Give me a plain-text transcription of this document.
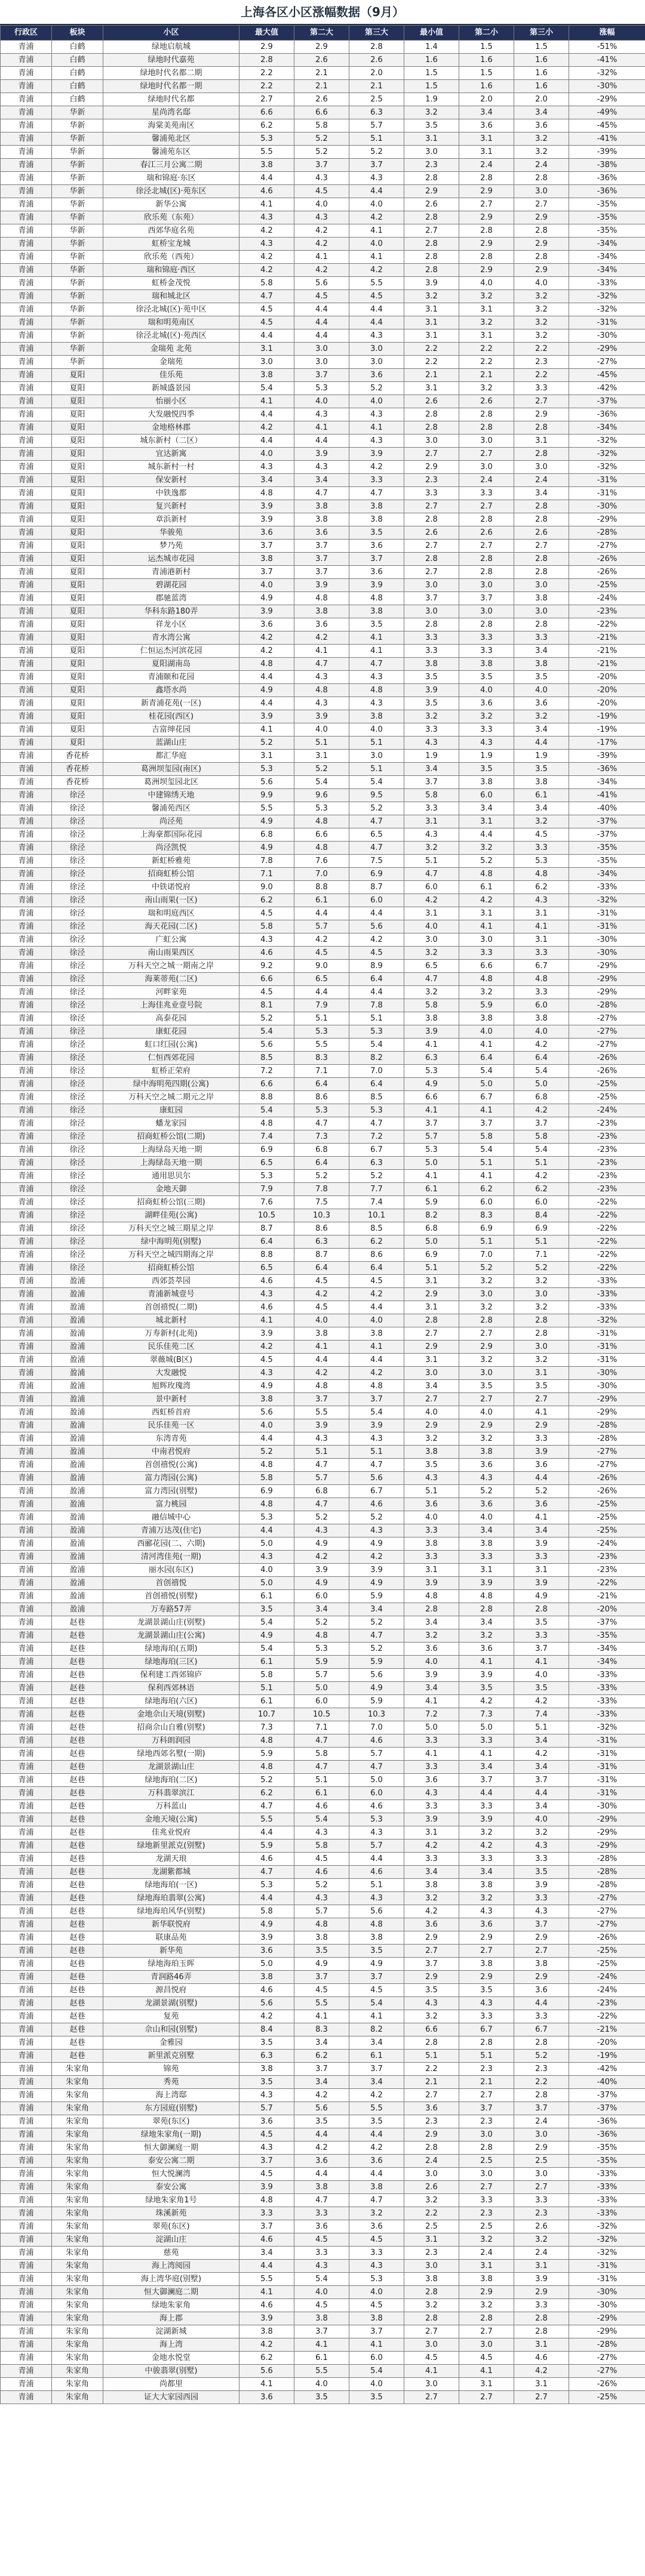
上海各区小区涨幅数据（9月）
行政区	板块	小区	最大值	第二大	第三大	最小值	第二小	第三小	涨幅
青浦	白鹤	绿地启航城	2.9	2.9	2.8	1.4	1.5	1.5	-51%
青浦	白鹤	绿地时代嘉苑	2.8	2.6	2.6	1.6	1.6	1.6	-41%
青浦	白鹤	绿地时代名都二期	2.2	2.1	2.0	1.5	1.5	1.6	-32%
青浦	白鹤	绿地时代名都一期	2.2	2.1	2.1	1.5	1.6	1.6	-30%
青浦	白鹤	绿地时代名都	2.7	2.6	2.5	1.9	2.0	2.0	-29%
青浦	华新	星尚湾名邸	6.6	6.6	6.3	3.2	3.4	3.4	-49%
青浦	华新	海棠美苑南区	6.2	5.8	5.7	3.5	3.6	3.6	-45%
青浦	华新	馨浦苑北区	5.3	5.2	5.1	3.1	3.1	3.2	-41%
青浦	华新	馨浦苑东区	5.5	5.2	5.2	3.0	3.1	3.2	-39%
青浦	华新	春江三月公寓二期	3.8	3.7	3.7	2.3	2.4	2.4	-38%
青浦	华新	瑞和锦庭·东区	4.4	4.3	4.3	2.8	2.8	2.8	-36%
青浦	华新	徐泾北城(区)·苑东区	4.6	4.5	4.4	2.9	2.9	3.0	-36%
青浦	华新	新华公寓	4.1	4.0	4.0	2.6	2.7	2.7	-35%
青浦	华新	欣乐苑（东苑）	4.3	4.3	4.2	2.8	2.9	2.9	-35%
青浦	华新	西郊华庭名苑	4.2	4.2	4.1	2.7	2.8	2.8	-35%
青浦	华新	虹桥宝龙城	4.3	4.2	4.0	2.8	2.9	2.9	-34%
青浦	华新	欣乐苑（西苑）	4.2	4.1	4.1	2.8	2.8	2.8	-34%
青浦	华新	瑞和锦庭·西区	4.2	4.2	4.2	2.8	2.9	2.9	-34%
青浦	华新	虹桥金茂悦	5.8	5.6	5.5	3.9	4.0	4.0	-33%
青浦	华新	瑞和城北区	4.7	4.5	4.5	3.2	3.2	3.2	-32%
青浦	华新	徐泾北城(区)·苑中区	4.5	4.4	4.4	3.1	3.1	3.2	-32%
青浦	华新	瑞和明苑南区	4.5	4.4	4.4	3.1	3.2	3.2	-31%
青浦	华新	徐泾北城(区)·苑西区	4.4	4.4	4.3	3.1	3.1	3.2	-30%
青浦	华新	金瑞苑 北苑	3.1	3.0	3.0	2.2	2.2	2.2	-29%
青浦	华新	金瑞苑	3.0	3.0	3.0	2.2	2.2	2.3	-27%
青浦	夏阳	佳乐苑	3.8	3.7	3.6	2.1	2.1	2.2	-45%
青浦	夏阳	新城盛景园	5.4	5.3	5.2	3.1	3.2	3.3	-42%
青浦	夏阳	怡丽小区	4.1	4.0	4.0	2.6	2.6	2.7	-37%
青浦	夏阳	大发融悦四季	4.4	4.3	4.3	2.8	2.8	2.9	-36%
青浦	夏阳	金地格林郡	4.2	4.1	4.1	2.8	2.8	2.8	-34%
青浦	夏阳	城东新村（二区）	4.4	4.4	4.3	3.0	3.0	3.1	-32%
青浦	夏阳	宜达新寓	4.0	3.9	3.9	2.7	2.7	2.8	-32%
青浦	夏阳	城东新村一村	4.3	4.3	4.2	2.9	3.0	3.0	-32%
青浦	夏阳	保安新村	3.4	3.4	3.3	2.3	2.4	2.4	-31%
青浦	夏阳	中铁逸都	4.8	4.7	4.7	3.3	3.3	3.4	-31%
青浦	夏阳	复兴新村	3.9	3.8	3.8	2.7	2.7	2.8	-30%
青浦	夏阳	章浜新村	3.9	3.8	3.8	2.8	2.8	2.8	-29%
青浦	夏阳	华骏苑	3.6	3.6	3.5	2.6	2.6	2.6	-28%
青浦	夏阳	梦乃苑	3.7	3.7	3.6	2.7	2.7	2.7	-27%
青浦	夏阳	运杰城市花园	3.8	3.7	3.7	2.8	2.8	2.8	-26%
青浦	夏阳	青浦港新村	3.7	3.7	3.6	2.7	2.8	2.8	-26%
青浦	夏阳	碧湖花园	4.0	3.9	3.9	3.0	3.0	3.0	-25%
青浦	夏阳	郡驰蓝湾	4.9	4.8	4.8	3.7	3.7	3.8	-24%
青浦	夏阳	华科东路180弄	3.9	3.8	3.8	3.0	3.0	3.0	-23%
青浦	夏阳	祥龙小区	3.6	3.6	3.5	2.8	2.8	2.8	-22%
青浦	夏阳	青水湾公寓	4.2	4.2	4.1	3.3	3.3	3.3	-21%
青浦	夏阳	仁恒运杰河滨花园	4.2	4.1	4.1	3.3	3.3	3.4	-21%
青浦	夏阳	夏阳湖南岛	4.8	4.7	4.7	3.8	3.8	3.8	-21%
青浦	夏阳	青浦颐和花园	4.4	4.3	4.3	3.5	3.5	3.5	-20%
青浦	夏阳	鑫塔水尚	4.9	4.8	4.8	3.9	4.0	4.0	-20%
青浦	夏阳	新青浦花苑(一区)	4.4	4.3	4.3	3.5	3.6	3.6	-20%
青浦	夏阳	桂花园(西区)	3.9	3.9	3.8	3.2	3.2	3.2	-19%
青浦	夏阳	吉富绅花园	4.1	4.0	4.0	3.3	3.3	3.4	-19%
青浦	夏阳	蓝湖山庄	5.2	5.1	5.1	4.3	4.3	4.4	-17%
青浦	香花桥	都汇华庭	3.1	3.1	3.0	1.9	1.9	1.9	-39%
青浦	香花桥	葛洲坝玺园(南区)	5.3	5.2	5.1	3.4	3.5	3.5	-36%
青浦	香花桥	葛洲坝玺园北区	5.6	5.4	5.4	3.7	3.8	3.8	-34%
青浦	徐泾	中建锦绣天地	9.9	9.6	9.5	5.8	6.0	6.1	-41%
青浦	徐泾	馨浦苑西区	5.5	5.3	5.2	3.3	3.4	3.4	-40%
青浦	徐泾	尚泾苑	4.9	4.8	4.7	3.1	3.1	3.2	-37%
青浦	徐泾	上海豪都国际花园	6.8	6.6	6.5	4.3	4.4	4.5	-37%
青浦	徐泾	尚泾凯悦	4.9	4.8	4.7	3.2	3.2	3.3	-35%
青浦	徐泾	新虹桥雅苑	7.8	7.6	7.5	5.1	5.2	5.3	-35%
青浦	徐泾	招商虹桥公馆	7.1	7.0	6.9	4.7	4.8	4.8	-34%
青浦	徐泾	中铁诺悦府	9.0	8.8	8.7	6.0	6.1	6.2	-33%
青浦	徐泾	南山雨果(一区)	6.2	6.1	6.0	4.2	4.2	4.3	-32%
青浦	徐泾	瑞和明庭西区	4.5	4.4	4.4	3.1	3.1	3.1	-31%
青浦	徐泾	海天花园(二区)	5.8	5.7	5.6	4.0	4.1	4.1	-31%
青浦	徐泾	广虹公寓	4.3	4.2	4.2	3.0	3.0	3.1	-30%
青浦	徐泾	南山雨果西区	4.6	4.5	4.5	3.2	3.3	3.3	-30%
青浦	徐泾	万科天空之城一期南之岸	9.2	9.0	8.9	6.5	6.6	6.7	-29%
青浦	徐泾	海莱蒂苑(二区)	6.6	6.5	6.4	4.7	4.8	4.8	-29%
青浦	徐泾	河畔家苑	4.5	4.4	4.4	3.2	3.2	3.3	-29%
青浦	徐泾	上海佳兆业壹号院	8.1	7.9	7.8	5.8	5.9	6.0	-28%
青浦	徐泾	高泰花园	5.2	5.1	5.1	3.8	3.8	3.8	-27%
青浦	徐泾	康虹花园	5.4	5.3	5.3	3.9	4.0	4.0	-27%
青浦	徐泾	虹口红园(公寓)	5.6	5.5	5.4	4.1	4.1	4.2	-27%
青浦	徐泾	仁恒西郊花园	8.5	8.3	8.2	6.3	6.4	6.4	-26%
青浦	徐泾	虹桥正荣府	7.2	7.1	7.0	5.3	5.4	5.4	-26%
青浦	徐泾	绿中海明苑四期(公寓)	6.6	6.4	6.4	4.9	5.0	5.0	-25%
青浦	徐泾	万科天空之城二期元之岸	8.8	8.6	8.5	6.6	6.7	6.8	-25%
青浦	徐泾	康虹园	5.4	5.3	5.3	4.1	4.1	4.2	-24%
青浦	徐泾	蟠龙家园	4.8	4.7	4.7	3.7	3.7	3.7	-23%
青浦	徐泾	招商虹桥公馆(二期)	7.4	7.3	7.2	5.7	5.8	5.8	-23%
青浦	徐泾	上海绿岛天地一期	6.9	6.8	6.7	5.3	5.4	5.4	-23%
青浦	徐泾	上海绿岛天地一期	6.5	6.4	6.3	5.0	5.1	5.1	-23%
青浦	徐泾	通用思贝尔	5.3	5.2	5.2	4.1	4.1	4.2	-23%
青浦	徐泾	金地天御	7.9	7.8	7.7	6.1	6.2	6.2	-23%
青浦	徐泾	招商虹桥公馆(三期)	7.6	7.5	7.4	5.9	6.0	6.0	-22%
青浦	徐泾	湖畔佳苑(公寓)	10.5	10.3	10.1	8.2	8.3	8.4	-22%
青浦	徐泾	万科天空之城三期星之岸	8.7	8.6	8.5	6.8	6.9	6.9	-22%
青浦	徐泾	绿中海明苑(别墅)	6.4	6.3	6.2	5.0	5.1	5.1	-22%
青浦	徐泾	万科天空之城四期海之岸	8.8	8.7	8.6	6.9	7.0	7.1	-22%
青浦	徐泾	招商虹桥公馆	6.5	6.4	6.4	5.1	5.2	5.2	-22%
青浦	盈浦	西郊荟萃园	4.6	4.5	4.5	3.1	3.2	3.2	-33%
青浦	盈浦	青浦新城壹号	4.3	4.2	4.2	2.9	3.0	3.0	-33%
青浦	盈浦	首创禧悦(二期)	4.6	4.5	4.4	3.1	3.2	3.2	-33%
青浦	盈浦	城北新村	4.1	4.0	4.0	2.8	2.8	2.8	-32%
青浦	盈浦	万寿新村(北苑)	3.9	3.8	3.8	2.7	2.7	2.8	-31%
青浦	盈浦	民乐佳苑二区	4.2	4.1	4.1	2.9	2.9	3.0	-31%
青浦	盈浦	翠薇城(B区)	4.5	4.4	4.4	3.1	3.2	3.2	-31%
青浦	盈浦	大发融悦	4.3	4.2	4.2	3.0	3.0	3.1	-30%
青浦	盈浦	旭辉玫瑰湾	4.9	4.8	4.8	3.4	3.5	3.5	-30%
青浦	盈浦	景中新村	3.8	3.7	3.7	2.7	2.7	2.7	-29%
青浦	盈浦	西虹桥首府	5.6	5.5	5.4	4.0	4.0	4.1	-29%
青浦	盈浦	民乐佳苑一区	4.0	3.9	3.9	2.9	2.9	2.9	-28%
青浦	盈浦	东湾青苑	4.4	4.3	4.3	3.2	3.2	3.3	-28%
青浦	盈浦	中南君悦府	5.2	5.1	5.1	3.8	3.8	3.9	-27%
青浦	盈浦	首创禧悦(公寓)	4.8	4.7	4.7	3.5	3.6	3.6	-27%
青浦	盈浦	富力湾园(公寓)	5.8	5.7	5.6	4.3	4.3	4.4	-26%
青浦	盈浦	富力湾园(别墅)	6.9	6.8	6.7	5.1	5.2	5.2	-26%
青浦	盈浦	富力桃园	4.8	4.7	4.6	3.6	3.6	3.6	-25%
青浦	盈浦	融信城中心	5.3	5.2	5.2	4.0	4.0	4.1	-25%
青浦	盈浦	青浦万达茂(住宅)	4.4	4.3	4.3	3.3	3.4	3.4	-25%
青浦	盈浦	西郦花园(二、六期)	5.0	4.9	4.9	3.8	3.8	3.9	-24%
青浦	盈浦	清河湾佳苑(一期)	4.3	4.2	4.2	3.3	3.3	3.3	-23%
青浦	盈浦	丽水园(东区)	4.0	3.9	3.9	3.1	3.1	3.1	-23%
青浦	盈浦	首创禧悦	5.0	4.9	4.9	3.9	3.9	3.9	-22%
青浦	盈浦	首创禧悦(别墅)	6.1	6.0	5.9	4.8	4.8	4.9	-21%
青浦	盈浦	万寿路57弄	3.5	3.4	3.4	2.8	2.8	2.8	-20%
青浦	赵巷	龙湖景湖山庄(别墅)	5.4	5.2	5.2	3.4	3.4	3.5	-37%
青浦	赵巷	龙湖景湖山庄(公寓)	4.9	4.8	4.7	3.2	3.2	3.3	-35%
青浦	赵巷	绿地海珀(五期)	5.4	5.3	5.2	3.6	3.6	3.7	-34%
青浦	赵巷	绿地海珀(三区)	6.1	5.9	5.9	4.0	4.1	4.1	-34%
青浦	赵巷	保利建工西郊锦庐	5.8	5.7	5.6	3.9	3.9	4.0	-33%
青浦	赵巷	保利西郊林语	5.1	5.0	4.9	3.4	3.5	3.5	-33%
青浦	赵巷	绿地海珀(六区)	6.1	6.0	5.9	4.1	4.2	4.2	-33%
青浦	赵巷	金地佘山天境(别墅)	10.7	10.5	10.3	7.2	7.3	7.4	-33%
青浦	赵巷	招商佘山自雅(别墅)	7.3	7.1	7.0	5.0	5.0	5.1	-32%
青浦	赵巷	万科朗润园	4.8	4.7	4.6	3.3	3.3	3.4	-31%
青浦	赵巷	绿地西郊名墅(一期)	5.9	5.8	5.7	4.1	4.1	4.2	-31%
青浦	赵巷	龙湖景湖山庄	4.8	4.7	4.7	3.3	3.4	3.4	-31%
青浦	赵巷	绿地海珀(二区)	5.2	5.1	5.0	3.6	3.7	3.7	-31%
青浦	赵巷	万科翡翠滨江	6.2	6.1	6.0	4.3	4.4	4.4	-31%
青浦	赵巷	万科蓝山	4.7	4.6	4.6	3.3	3.3	3.4	-30%
青浦	赵巷	金地天境(公寓)	5.5	5.4	5.3	3.9	3.9	4.0	-29%
青浦	赵巷	佳兆业悦府	4.4	4.3	4.3	3.1	3.2	3.2	-29%
青浦	赵巷	绿地新里派克(别墅)	5.9	5.8	5.7	4.2	4.2	4.3	-29%
青浦	赵巷	龙湖天琅	4.6	4.5	4.4	3.3	3.3	3.3	-28%
青浦	赵巷	龙湖紫都城	4.7	4.6	4.6	3.4	3.4	3.5	-28%
青浦	赵巷	绿地海珀(一区)	5.3	5.2	5.1	3.8	3.8	3.9	-28%
青浦	赵巷	绿地海珀翡翠(公寓)	4.4	4.3	4.3	3.2	3.2	3.3	-27%
青浦	赵巷	绿地海珀风华(别墅)	5.8	5.7	5.6	4.2	4.3	4.3	-27%
青浦	赵巷	新华联悦府	4.9	4.8	4.8	3.6	3.6	3.7	-27%
青浦	赵巷	联康品苑	3.9	3.8	3.8	2.9	2.9	2.9	-26%
青浦	赵巷	新华苑	3.6	3.5	3.5	2.7	2.7	2.7	-25%
青浦	赵巷	绿地海珀玉晖	5.0	4.9	4.9	3.7	3.8	3.8	-25%
青浦	赵巷	青润路46弄	3.8	3.7	3.7	2.9	2.9	2.9	-24%
青浦	赵巷	源昌悦府	4.6	4.5	4.5	3.5	3.5	3.6	-24%
青浦	赵巷	龙湖景湖(别墅)	5.6	5.5	5.4	4.3	4.3	4.4	-23%
青浦	赵巷	复苑	4.2	4.1	4.1	3.2	3.3	3.3	-22%
青浦	赵巷	佘山和园(别墅)	8.4	8.3	8.2	6.6	6.7	6.7	-21%
青浦	赵巷	金雅园	3.5	3.4	3.4	2.8	2.8	2.8	-20%
青浦	赵巷	新里派克别墅	6.3	6.2	6.1	5.1	5.1	5.2	-19%
青浦	朱家角	锦苑	3.8	3.7	3.7	2.2	2.3	2.3	-42%
青浦	朱家角	秀苑	3.5	3.4	3.4	2.1	2.1	2.2	-40%
青浦	朱家角	海上湾邸	4.3	4.2	4.2	2.7	2.7	2.8	-37%
青浦	朱家角	东方园庭(别墅)	5.7	5.6	5.5	3.6	3.7	3.7	-37%
青浦	朱家角	翠苑(东区)	3.6	3.5	3.5	2.3	2.3	2.4	-36%
青浦	朱家角	绿地朱家角(一期)	4.5	4.4	4.4	2.9	3.0	3.0	-36%
青浦	朱家角	恒大御澜庭一期	4.3	4.2	4.2	2.8	2.8	2.9	-35%
青浦	朱家角	泰安公寓二期	3.7	3.6	3.6	2.4	2.5	2.5	-35%
青浦	朱家角	恒大悦澜湾	4.5	4.4	4.4	3.0	3.0	3.0	-33%
青浦	朱家角	泰安公寓	3.9	3.8	3.8	2.6	2.7	2.7	-33%
青浦	朱家角	绿地朱家角1号	4.8	4.7	4.7	3.2	3.3	3.3	-33%
青浦	朱家角	珠溪新苑	3.3	3.3	3.2	2.2	2.3	2.3	-33%
青浦	朱家角	翠苑(东区)	3.7	3.6	3.6	2.5	2.5	2.6	-32%
青浦	朱家角	淀湖山庄	4.6	4.5	4.5	3.1	3.2	3.2	-32%
青浦	朱家角	慈苑	3.4	3.3	3.3	2.3	2.4	2.4	-32%
青浦	朱家角	海上湾阅园	4.4	4.3	4.3	3.0	3.1	3.1	-31%
青浦	朱家角	海上湾华庭(别墅)	5.5	5.4	5.3	3.8	3.8	3.9	-31%
青浦	朱家角	恒大御澜庭二期	4.1	4.0	4.0	2.8	2.9	2.9	-30%
青浦	朱家角	绿地朱家角	4.6	4.5	4.5	3.2	3.2	3.3	-30%
青浦	朱家角	海上郡	3.9	3.8	3.8	2.8	2.8	2.8	-29%
青浦	朱家角	淀湖新城	3.8	3.7	3.7	2.7	2.7	2.8	-29%
青浦	朱家角	海上湾	4.2	4.1	4.1	3.0	3.0	3.1	-28%
青浦	朱家角	金地水悦堂	6.2	6.1	6.0	4.5	4.5	4.6	-27%
青浦	朱家角	中骏翡翠(别墅)	5.6	5.5	5.4	4.1	4.1	4.2	-27%
青浦	朱家角	尚都里	4.1	4.0	4.0	3.0	3.1	3.1	-26%
青浦	朱家角	证大大家园西园	3.6	3.5	3.5	2.7	2.7	2.7	-25%
